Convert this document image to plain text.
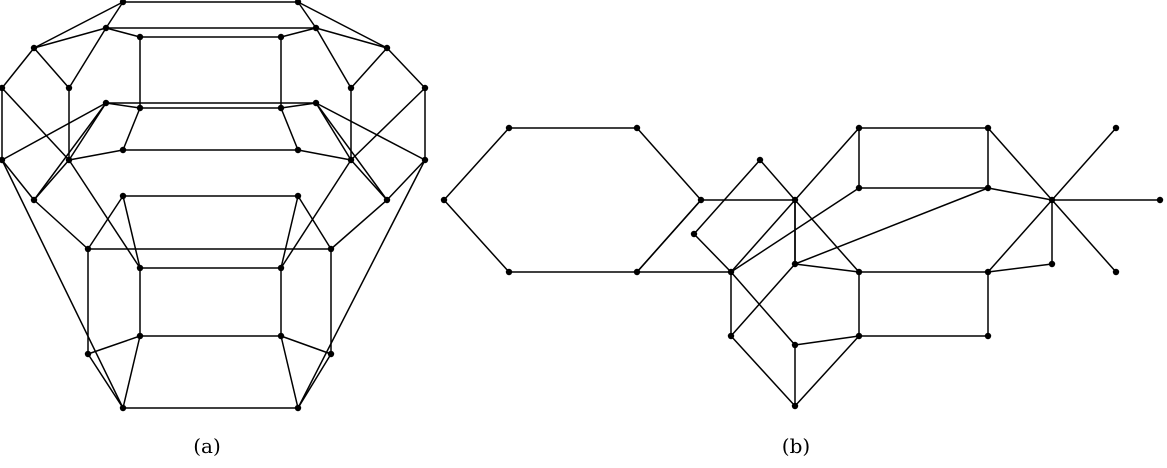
(a)	(b)
